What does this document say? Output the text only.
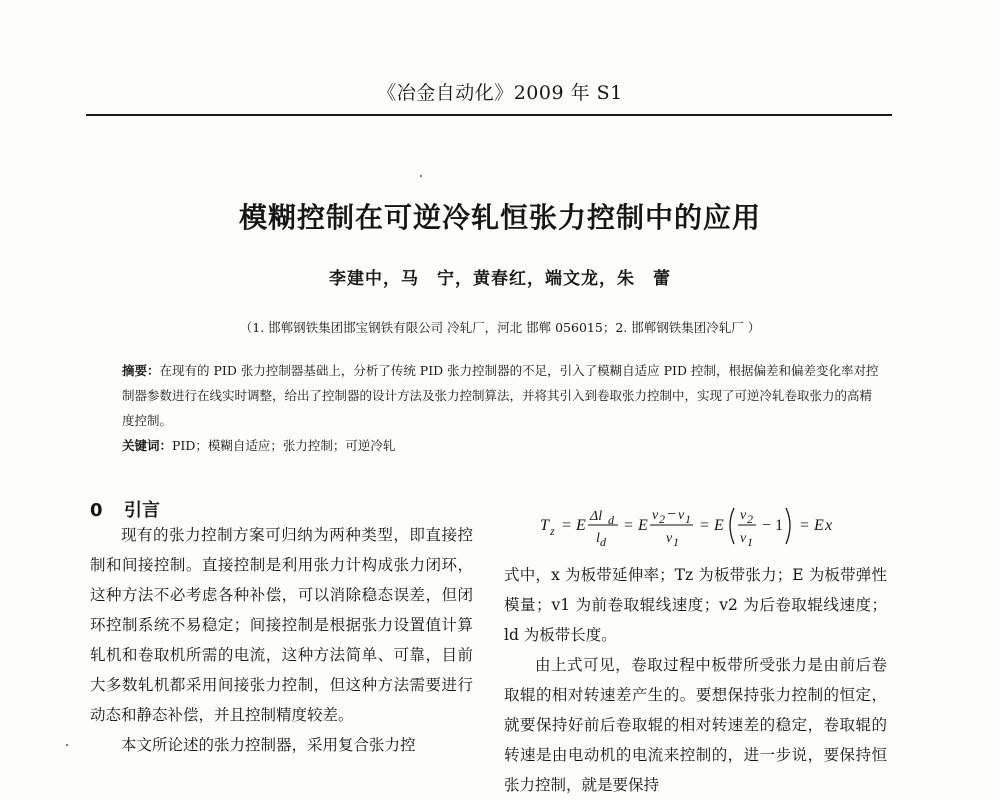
《冶金自动化》2009 年 S1
模糊控制在可逆冷轧恒张力控制中的应用
李建中，马　宁，黄春红，端文龙，朱　蕾
（1. 邯郸钢铁集团邯宝钢铁有限公司 冷轧厂，河北 邯郸 056015；2. 邯郸钢铁集团冷轧厂 ）

摘要：在现有的 PID 张力控制器基础上，分析了传统 PID 张力控制器的不足，引入了模糊自适应 PID 控制，根据偏差和偏差变化率对控制器参数进行在线实时调整，给出了控制器的设计方法及张力控制算法，并将其引入到卷取张力控制中，实现了可逆冷轧卷取张力的高精度控制。

关键词：PID；模糊自适应；张力控制；可逆冷轧
0 引言

现有的张力控制方案可归纳为两种类型，即直接控制和间接控制。直接控制是利用张力计构成张力闭环，这种方法不必考虑各种补偿，可以消除稳态误差，但闭环控制系统不易稳定；间接控制是根据张力设置值计算轧机和卷取机所需的电流，这种方法简单、可靠，目前大多数轧机都采用间接张力控制，但这种方法需要进行动态和静态补偿，并且控制精度较差。

本文所论述的张力控制器，采用复合张力控

T z = E
Δl d
l d
= E
v 2 − v 1
v 1
= E
v 2
v 1
− 1 = E x

式中，x 为板带延伸率；Tz 为板带张力；E 为板带弹性模量；v1 为前卷取辊线速度；v2 为后卷取辊线速度；ld 为板带长度。

由上式可见，卷取过程中板带所受张力是由前后卷取辊的相对转速差产生的。要想保持张力控制的恒定，就要保持好前后卷取辊的相对转速差的稳定，卷取辊的转速是由电动机的电流来控制的，进一步说，要保持恒张力控制，就是要保持
